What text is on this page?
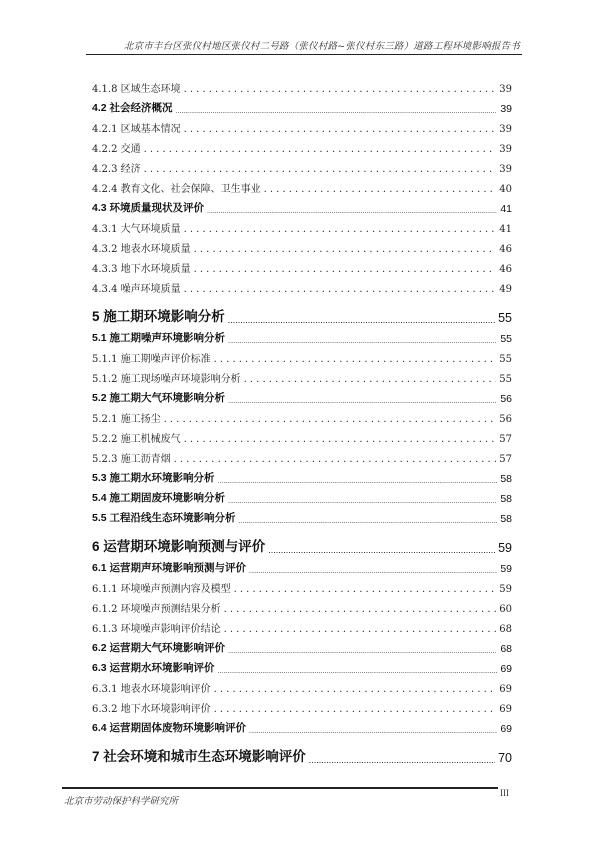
北京市丰台区张仪村地区张仪村二号路（张仪村路~张仪村东三路）道路工程环境影响报告书
4.1.8 区域生态环境 .....	39
4.2 社会经济概况 .....	39
4.2.1 区域基本情况 .....	39
4.2.2 交通 .....	39
4.2.3 经济 .....	39
4.2.4 教育文化、社会保障、卫生事业 .....	40
4.3 环境质量现状及评价 .....	41
4.3.1 大气环境质量 .....	41
4.3.2 地表水环境质量 .....	46
4.3.3 地下水环境质量 .....	46
4.3.4 噪声环境质量 .....	49
5 施工期环境影响分析 .....	55
5.1 施工期噪声环境影响分析 .....	55
5.1.1 施工期噪声评价标准 .....	55
5.1.2 施工现场噪声环境影响分析 .....	55
5.2 施工期大气环境影响分析 .....	56
5.2.1 施工扬尘 .....	56
5.2.2 施工机械废气 .....	57
5.2.3 施工沥青烟 .....	57
5.3 施工期水环境影响分析 .....	58
5.4 施工期固废环境影响分析 .....	58
5.5 工程沿线生态环境影响分析 .....	58
6 运营期环境影响预测与评价 .....	59
6.1 运营期声环境影响预测与评价 .....	59
6.1.1 环境噪声预测内容及模型 .....	59
6.1.2 环境噪声预测结果分析 .....	60
6.1.3 环境噪声影响评价结论 .....	68
6.2 运营期大气环境影响评价 .....	68
6.3 运营期水环境影响评价 .....	69
6.3.1 地表水环境影响评价 .....	69
6.3.2 地下水环境影响评价 .....	69
6.4 运营期固体废物环境影响评价 .....	69
7 社会环境和城市生态环境影响评价 .....	70
北京市劳动保护科学研究所
III
